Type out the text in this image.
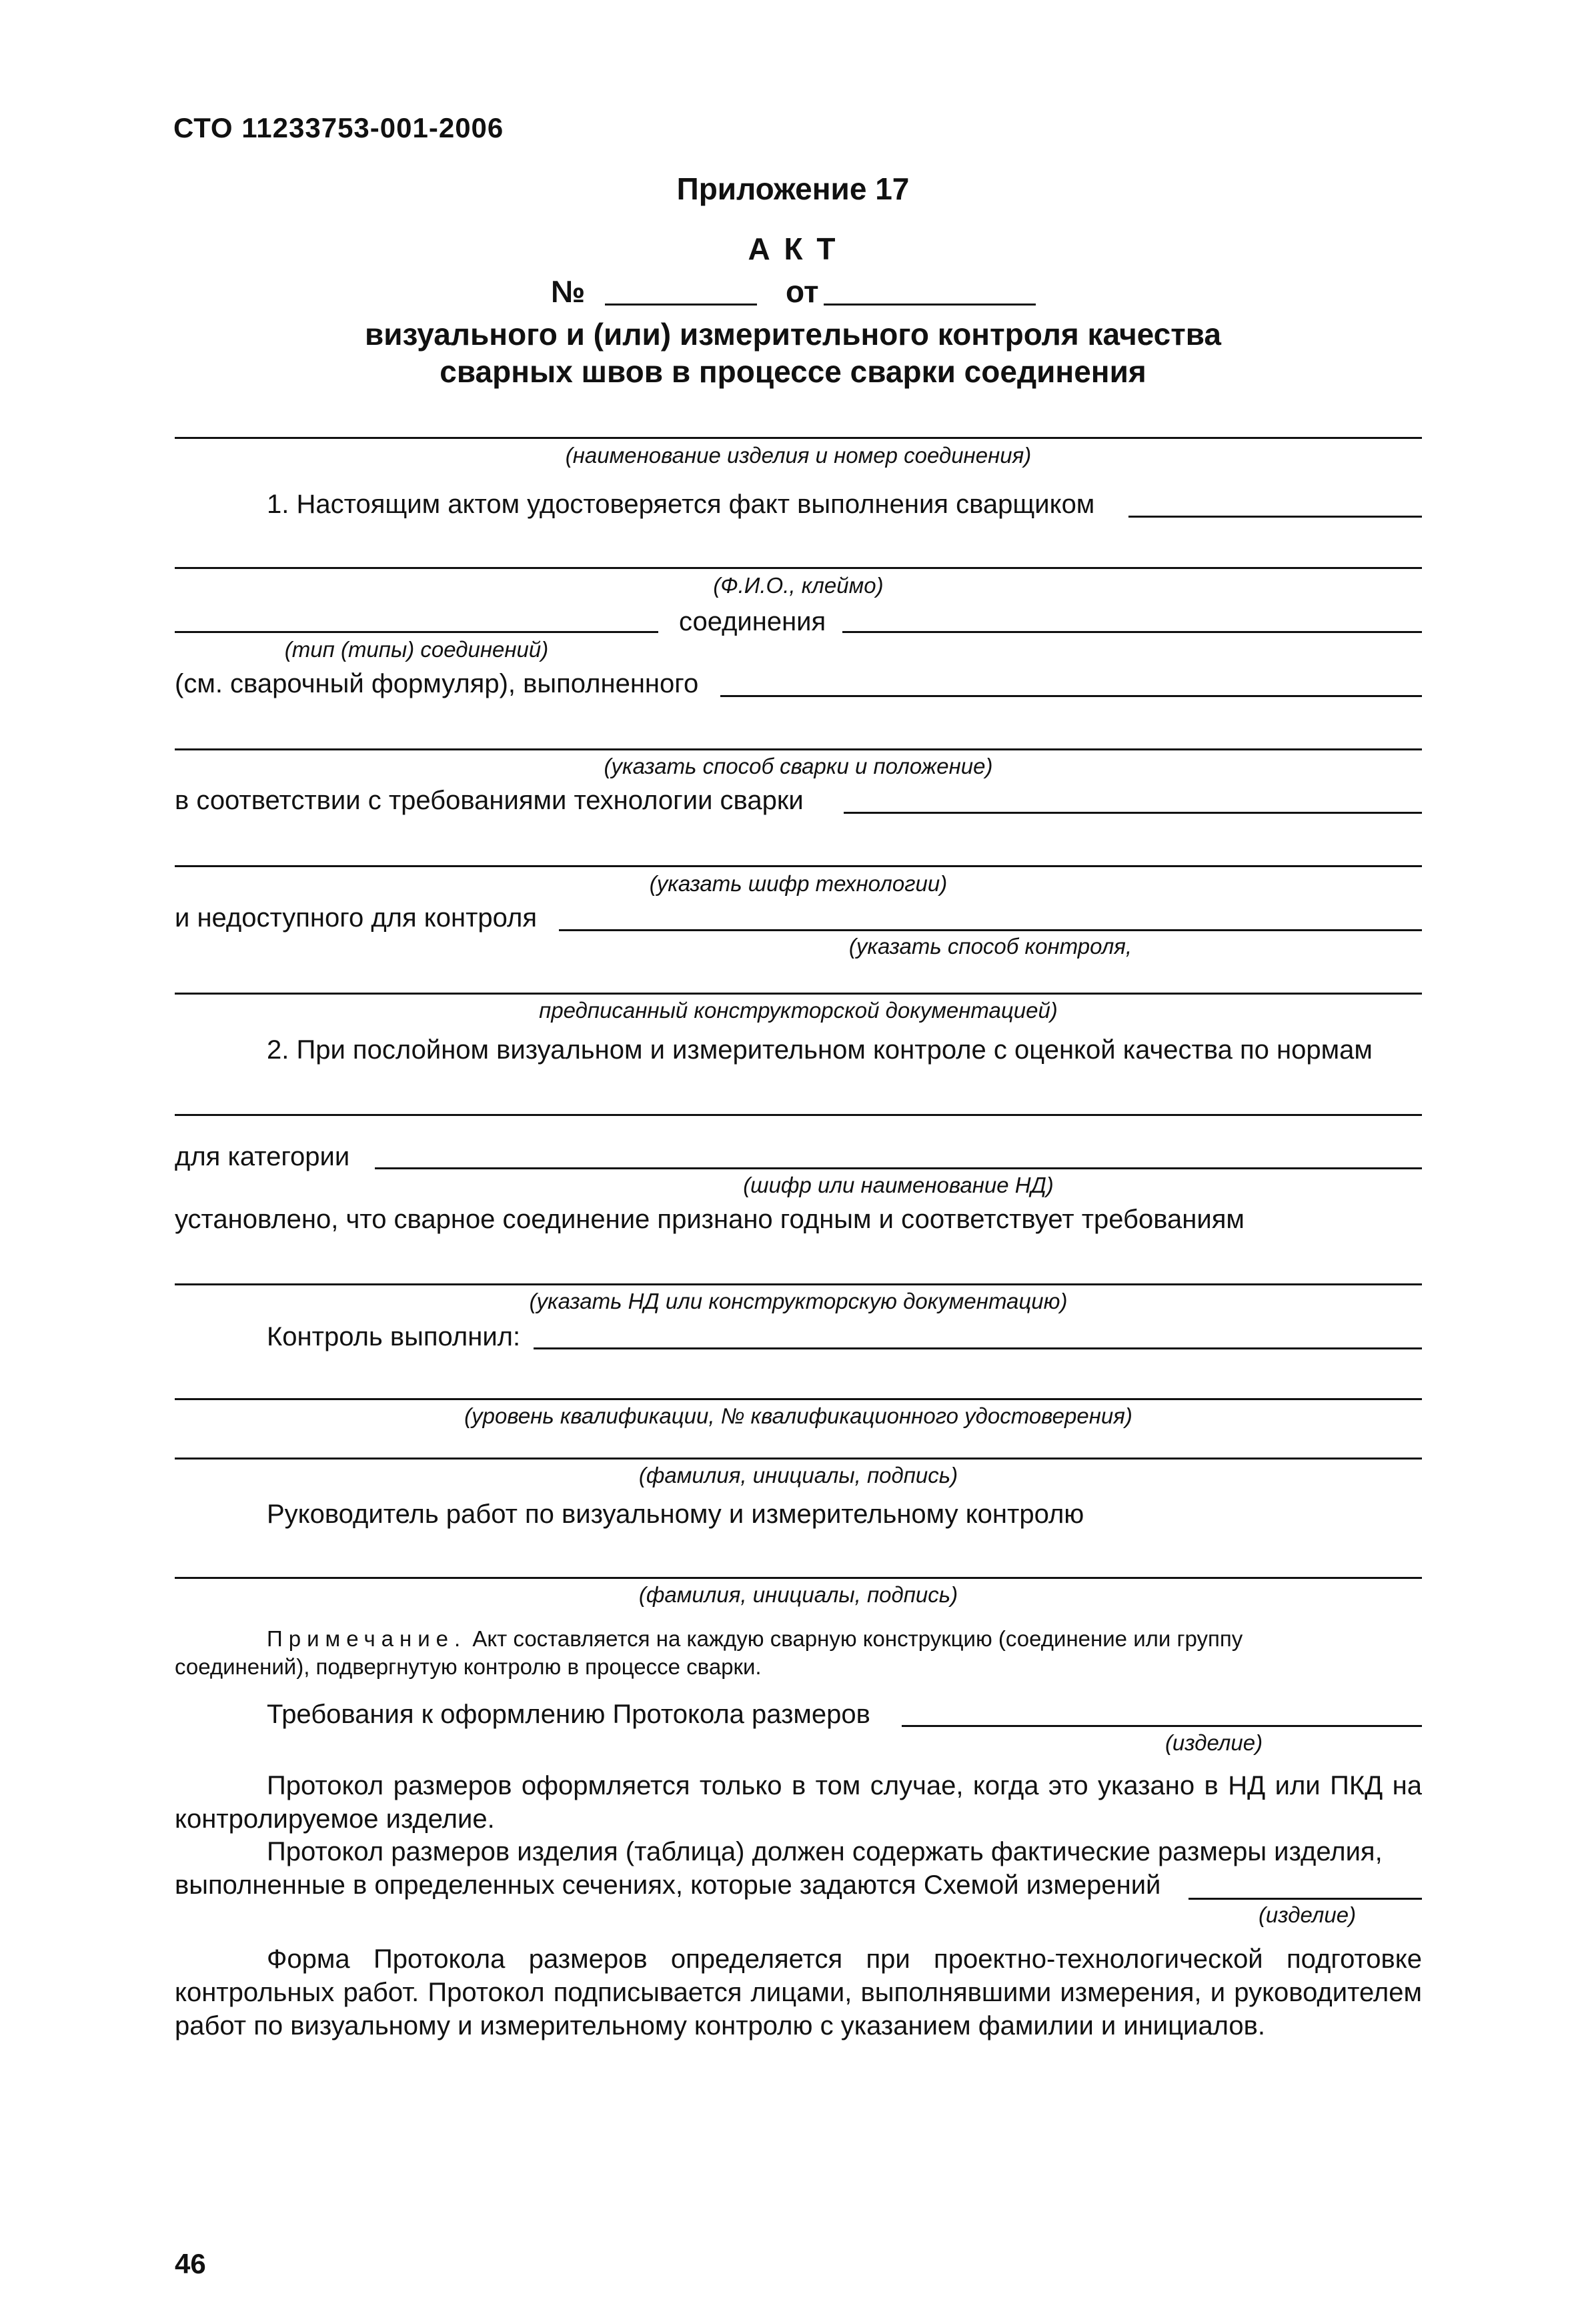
СТО 11233753-001-2006
Приложение 17
А К Т
№	от
визуального и (или) измерительного контроля качества
сварных швов в процессе сварки соединения
(наименование изделия и номер соединения)
1. Настоящим актом удостоверяется факт выполнения сварщиком
(Ф.И.О., клеймо)
соединения
(тип (типы) соединений)
(см. сварочный формуляр), выполненного
(указать способ сварки и положение)
в соответствии с требованиями технологии сварки
(указать шифр технологии)
и недоступного для контроля
(указать способ контроля,
предписанный конструкторской документацией)
2. При послойном визуальном и измерительном контроле с оценкой качества по нормам
для категории
(шифр или наименование НД)
установлено, что сварное соединение признано годным и соответствует требованиям
(указать НД или конструкторскую документацию)
Контроль выполнил:
(уровень квалификации, № квалификационного удостоверения)
(фамилия, инициалы, подпись)
Руководитель работ по визуальному и измерительному контролю
(фамилия, инициалы, подпись)
Примечание. Акт составляется на каждую сварную конструкцию (соединение или группу
соединений), подвергнутую контролю в процессе сварки.
Требования к оформлению Протокола размеров
(изделие)
Протокол размеров оформляется только в том случае, когда это указано в НД или ПКД на контролируемое изделие.
Протокол размеров изделия (таблица) должен содержать фактические размеры изделия,
выполненные в определенных сечениях, которые задаются Схемой измерений
(изделие)
Форма Протокола размеров определяется при проектно-технологической подготовке контрольных работ. Протокол подписывается лицами, выполнявшими измерения, и руководителем работ по визуальному и измерительному контролю с указанием фамилии и инициалов.
46
